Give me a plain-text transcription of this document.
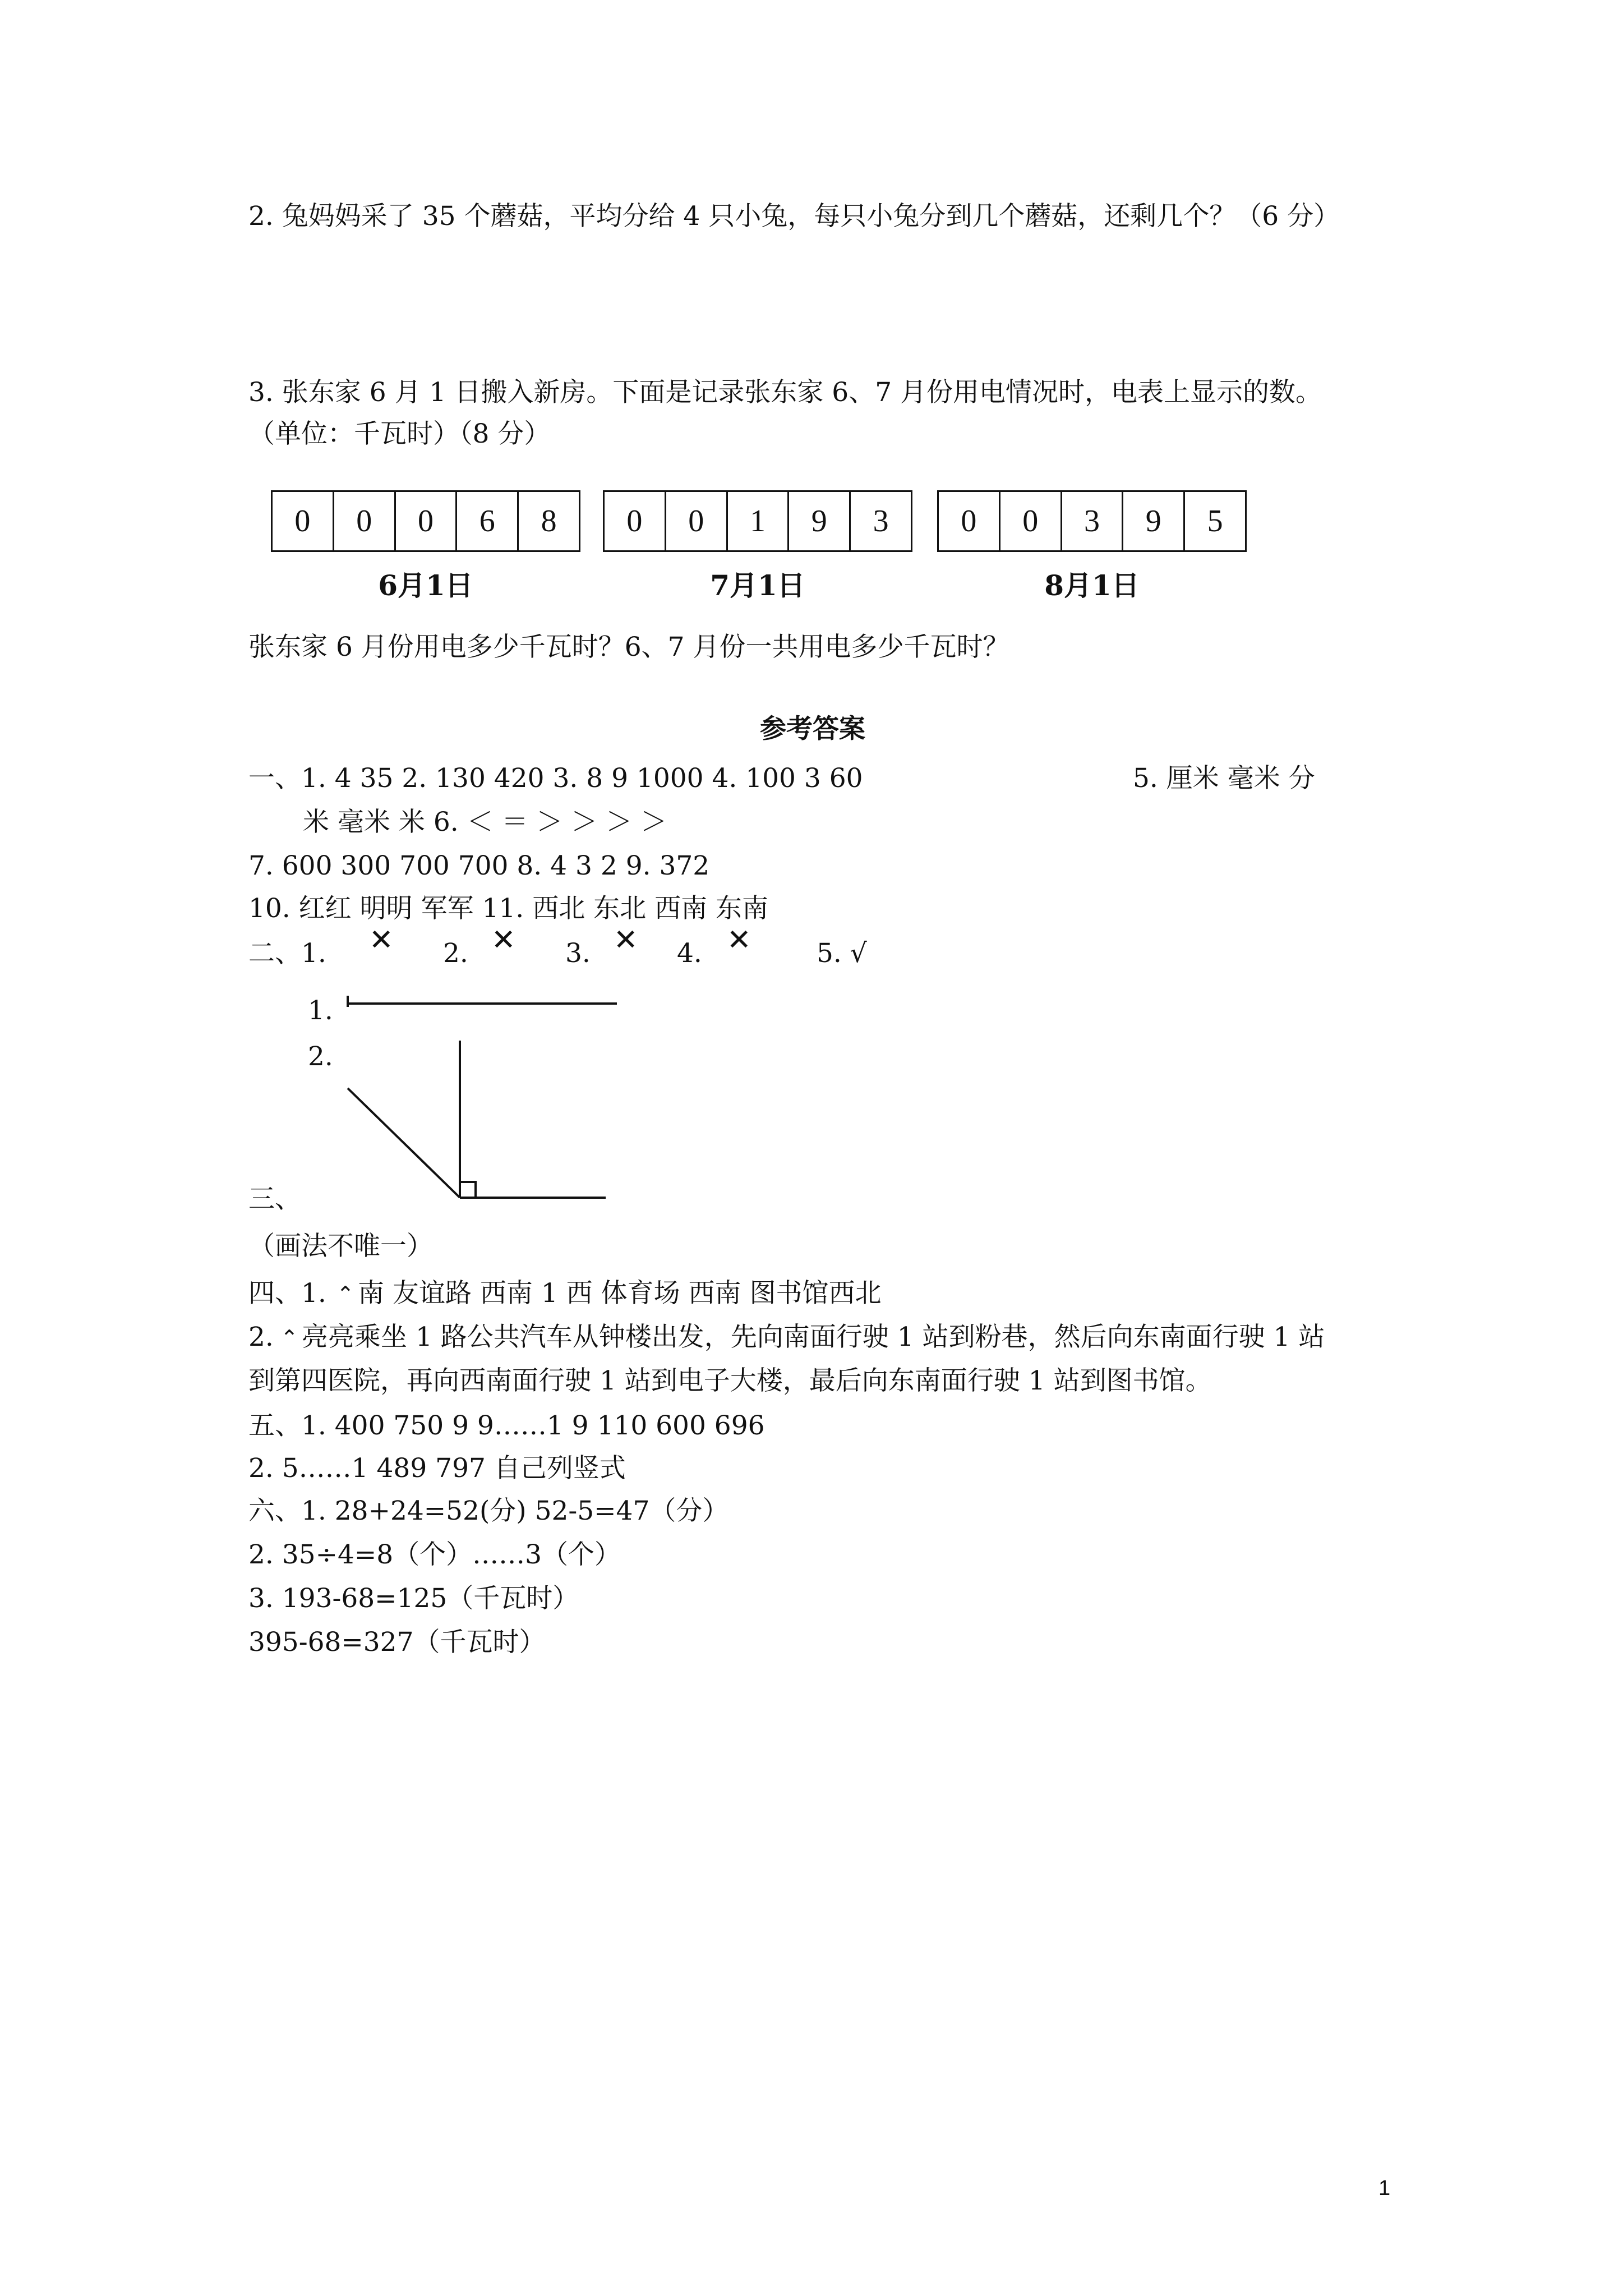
2. 兔妈妈采了 35 个蘑菇，平均分给 4 只小兔，每只小兔分到几个蘑菇，还剩几个？（6 分）
3. 张东家 6 月 1 日搬入新房。下面是记录张东家 6、7 月份用电情况时，电表上显示的数。
（单位：千瓦时）（8 分）
0	0	0	6	8
6月1日
0	0	1	9	3
7月1日
0	0	3	9	5
8月1日
张东家 6 月份用电多少千瓦时？6、7 月份一共用电多少千瓦时？
参考答案
一、1. 4 35 2. 130 420 3. 8 9 1000 4. 100 3 60	5. 厘米 毫米 分
米 毫米 米 6. ＜ ＝ ＞ ＞ ＞ ＞
7. 600 300 700 700 8. 4 3 2 9. 372
10. 红红 明明 军军 11. 西北 东北 西南 东南
二、1. ✕ 2. ✕ 3. ✕ 4. ✕ 5. √
1.
2.
三、
（画法不唯一）
四、1. ⌃ 南 友谊路 西南 1 西 体育场 西南 图书馆西北
2. ⌃ 亮亮乘坐 1 路公共汽车从钟楼出发，先向南面行驶 1 站到粉巷，然后向东南面行驶 1 站
到第四医院，再向西南面行驶 1 站到电子大楼，最后向东南面行驶 1 站到图书馆。
五、1. 400 750 9 9……1 9 110 600 696
2. 5……1 489 797 自己列竖式
六、1. 28+24=52(分) 52-5=47（分）
2. 35÷4=8（个）……3（个）
3. 193-68=125（千瓦时）
395-68=327（千瓦时）
1
